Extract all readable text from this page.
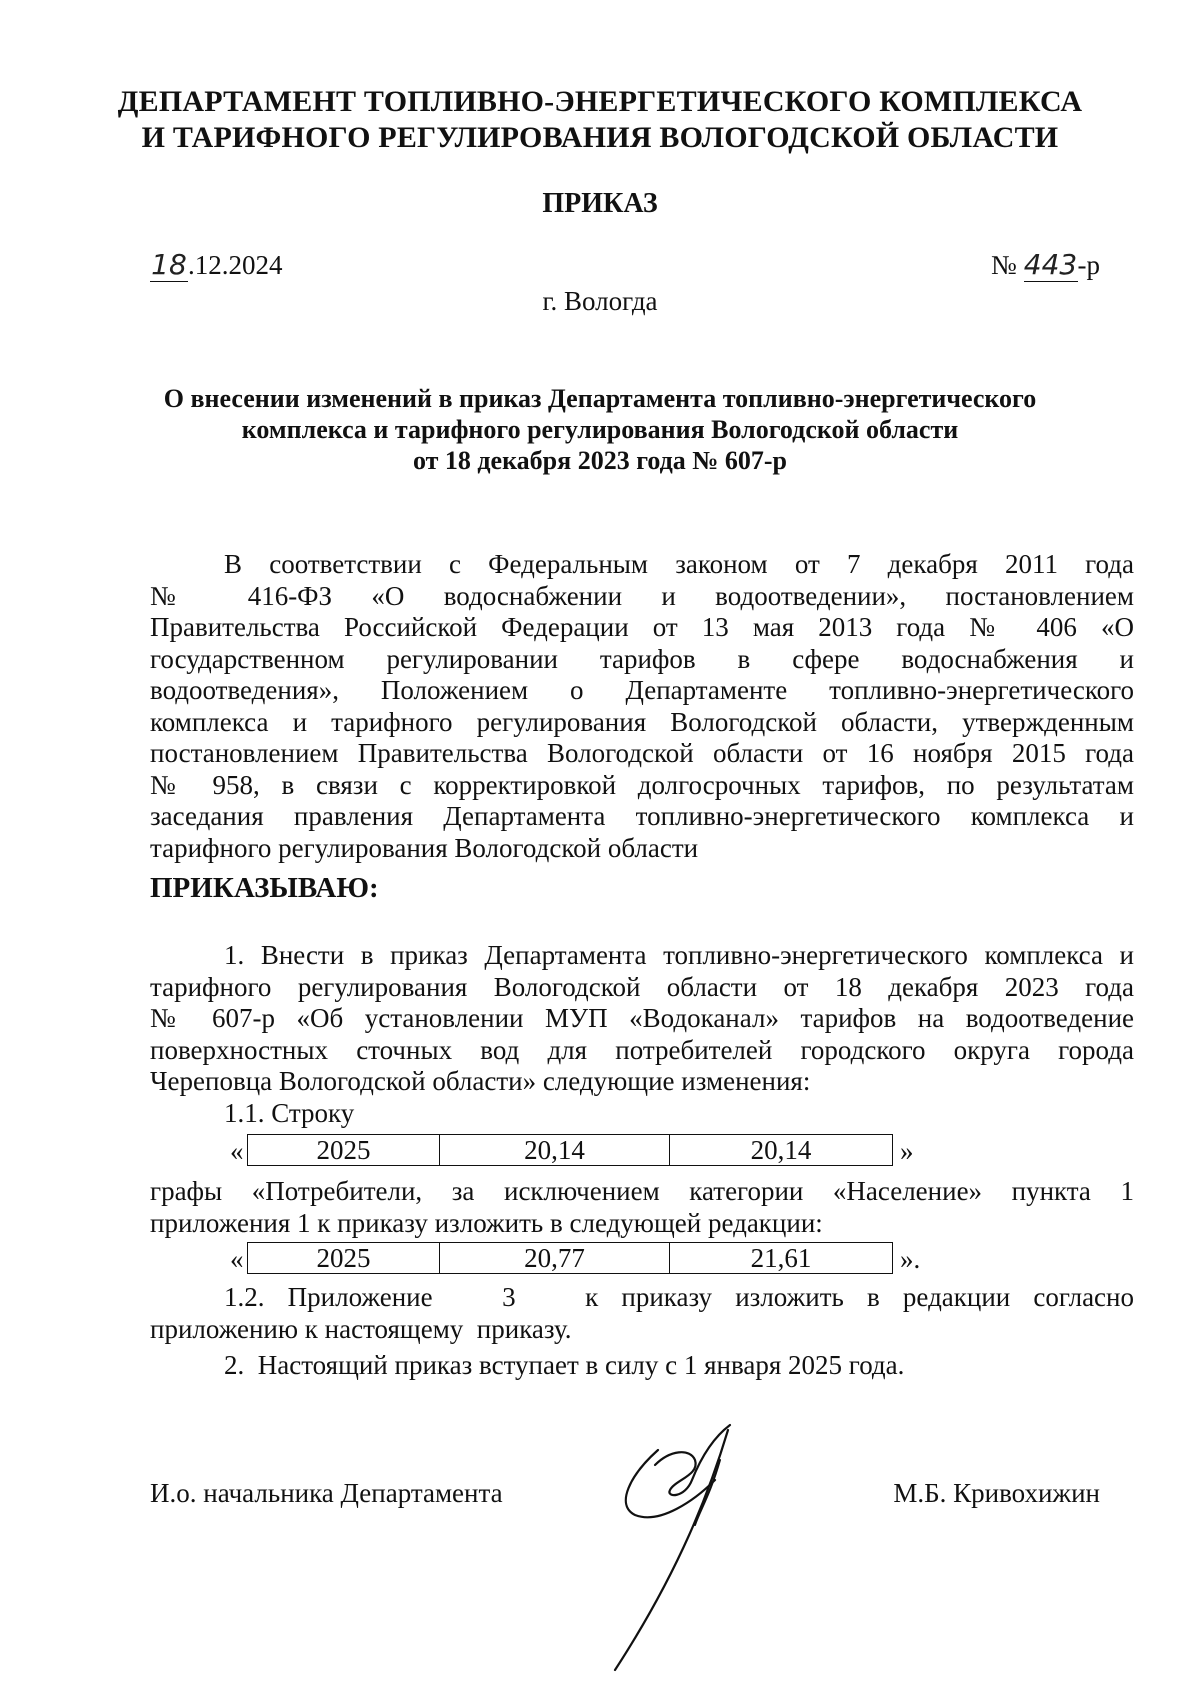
ДЕПАРТАМЕНТ ТОПЛИВНО-ЭНЕРГЕТИЧЕСКОГО КОМПЛЕКСА
И ТАРИФНОГО РЕГУЛИРОВАНИЯ ВОЛОГОДСКОЙ ОБЛАСТИ
ПРИКАЗ
18.12.2024	№ 443-р
г. Вологда
О внесении изменений в приказ Департамента топливно-энергетического
комплекса и тарифного регулирования Вологодской области
от 18 декабря 2023 года № 607-р
В соответствии с Федеральным законом от 7 декабря 2011 года
№ 416-ФЗ «О водоснабжении и водоотведении», постановлением
Правительства Российской Федерации от 13 мая 2013 года № 406 «О
государственном регулировании тарифов в сфере водоснабжения и
водоотведения», Положением о Департаменте топливно-энергетического
комплекса и тарифного регулирования Вологодской области, утвержденным
постановлением Правительства Вологодской области от 16 ноября 2015 года
№ 958, в связи с корректировкой долгосрочных тарифов, по результатам
заседания правления Департамента топливно-энергетического комплекса и
тарифного регулирования Вологодской области
ПРИКАЗЫВАЮ:
1. Внести в приказ Департамента топливно-энергетического комплекса и
тарифного регулирования Вологодской области от 18 декабря 2023 года
№ 607-р «Об установлении МУП «Водоканал» тарифов на водоотведение
поверхностных сточных вод для потребителей городского округа города
Череповца Вологодской области» следующие изменения:
1.1. Строку
«	2025	20,14	20,14	»
графы «Потребители, за исключением категории «Население» пункта 1
приложения 1 к приказу изложить в следующей редакции:
«	2025	20,77	21,61	».
1.2. Приложение   3   к приказу изложить в редакции согласно
приложению к настоящему  приказу.
2.  Настоящий приказ вступает в силу с 1 января 2025 года.
И.о. начальника Департамента	М.Б. Кривохижин
